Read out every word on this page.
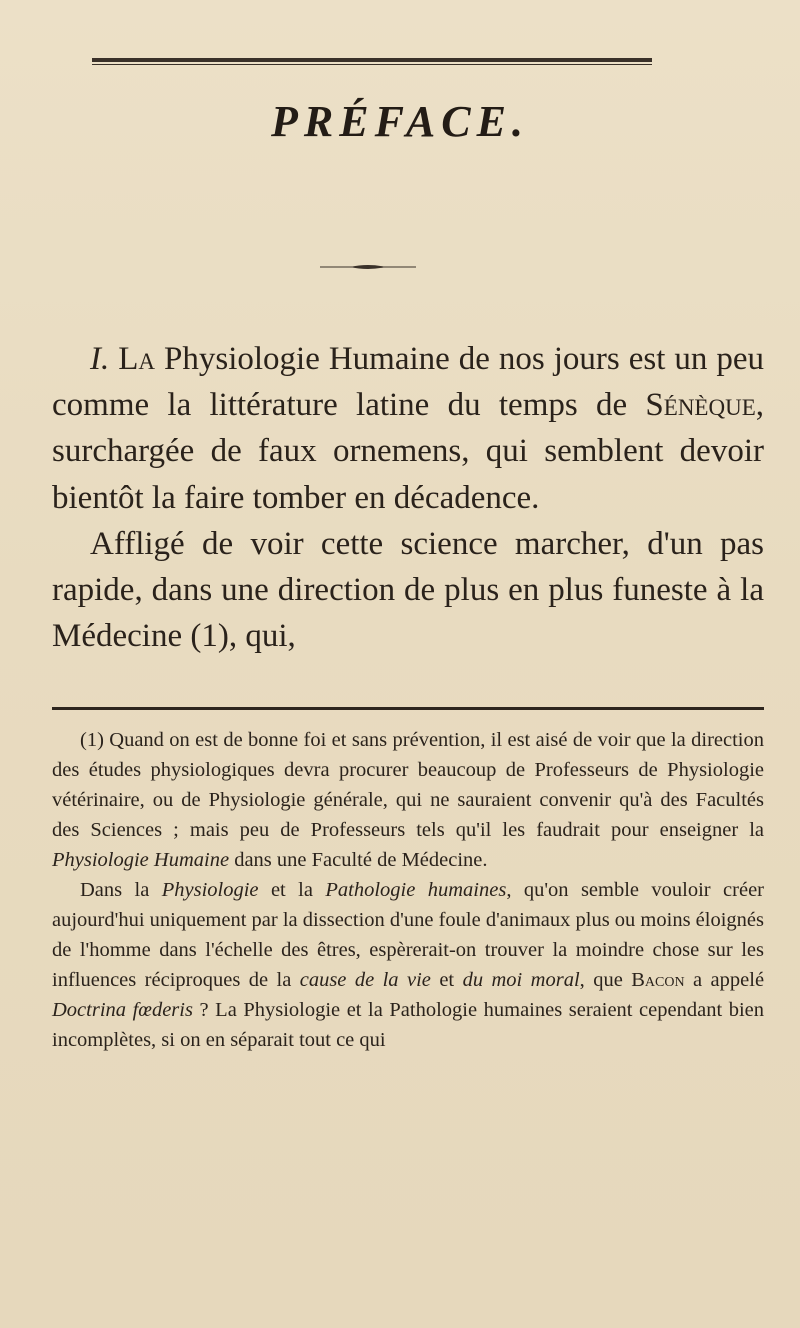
PRÉFACE.

I. La Physiologie Humaine de nos jours est un peu comme la littérature latine du temps de Sénèque, surchargée de faux ornemens, qui semblent devoir bientôt la faire tomber en décadence.

Affligé de voir cette science marcher, d'un pas rapide, dans une direction de plus en plus funeste à la Médecine (1), qui,

(1) Quand on est de bonne foi et sans prévention, il est aisé de voir que la direction des études physiologiques devra procurer beaucoup de Professeurs de Physiologie vétérinaire, ou de Physiologie générale, qui ne sauraient convenir qu'à des Facultés des Sciences ; mais peu de Professeurs tels qu'il les faudrait pour enseigner la Physiologie Humaine dans une Faculté de Médecine.

Dans la Physiologie et la Pathologie humaines, qu'on semble vouloir créer aujourd'hui uniquement par la dissection d'une foule d'animaux plus ou moins éloignés de l'homme dans l'échelle des êtres, espèrerait-on trouver la moindre chose sur les influences réciproques de la cause de la vie et du moi moral, que Bacon a appelé Doctrina fœderis ? La Physiologie et la Pathologie humaines seraient cependant bien incomplètes, si on en séparait tout ce qui
